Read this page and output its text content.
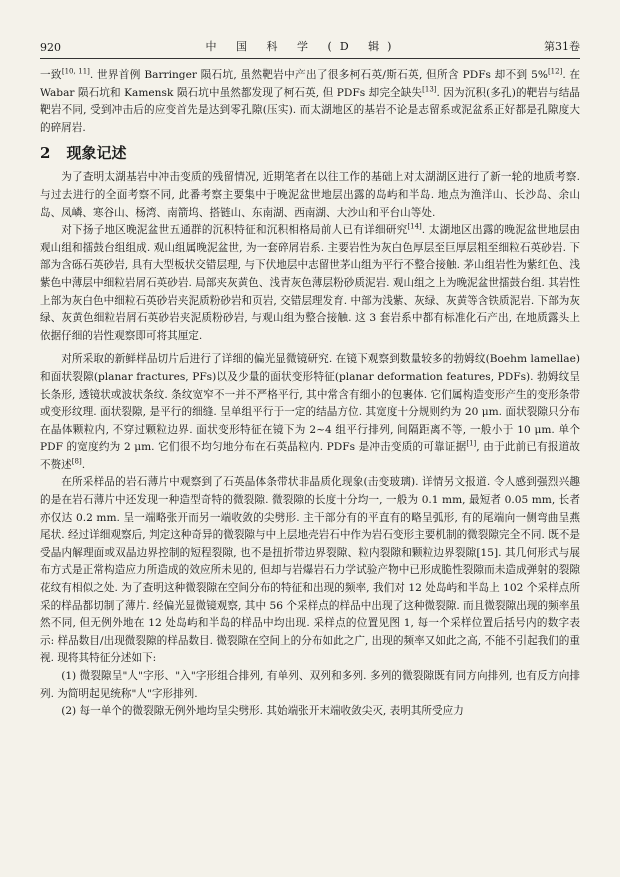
920	中 国 科 学 (D 辑)	第31卷

一致[10, 11]. 世界首例 Barringer 陨石坑, 虽然靶岩中产出了很多柯石英/斯石英, 但所含 PDFs 却不到 5%[12]. 在 Wabar 陨石坑和 Kamensk 陨石坑中虽然都发现了柯石英, 但 PDFs 却完全缺失[13]. 因为沉积(多孔)的靶岩与结晶靶岩不同, 受到冲击后的应变首先是达到零孔隙(压实). 而太湖地区的基岩不论是志留系或泥盆系正好都是孔隙度大的碎屑岩.

2 现象记述

为了查明太湖基岩中冲击变质的残留情况, 近期笔者在以往工作的基础上对太湖湖区进行了新一轮的地质考察. 与过去进行的全面考察不同, 此番考察主要集中于晚泥盆世地层出露的岛屿和半岛. 地点为渔洋山、长沙岛、余山岛、凤嶙、寒谷山、杨湾、南箭坞、搭链山、东南湖、西南湖、大沙山和平台山等处.

对下扬子地区晚泥盆世五通群的沉积特征和沉积相格局前人已有详细研究[14]. 太湖地区出露的晚泥盆世地层由观山组和擂鼓台组组成. 观山组属晚泥盆世, 为一套碎屑岩系. 主要岩性为灰白色厚层至巨厚层粗至细粒石英砂岩. 下部为含砾石英砂岩, 具有大型板状交错层理, 与下伏地层中志留世茅山组为平行不整合接触. 茅山组岩性为紫红色、浅紫色中薄层中细粒岩屑石英砂岩. 局部夹灰黄色、浅青灰色薄层粉砂质泥岩. 观山组之上为晚泥盆世擂鼓台组. 其岩性上部为灰白色中细粒石英砂岩夹泥质粉砂岩和页岩, 交错层理发育. 中部为浅紫、灰绿、灰黄等含铁质泥岩. 下部为灰绿、灰黄色细粒岩屑石英砂岩夹泥质粉砂岩, 与观山组为整合接触. 这 3 套岩系中都有标准化石产出, 在地质露头上依据仔细的岩性观察即可将其厘定.

对所采取的新鲜样品切片后进行了详细的偏光显微镜研究. 在镜下观察到数量较多的勃姆纹(Boehm lamellae)和面状裂隙(planar fractures, PFs)以及少量的面状变形特征(planar deformation features, PDFs). 勃姆纹呈长条形, 透镜状或波状条纹. 条纹宽窄不一并不严格平行, 其中常含有细小的包裹体. 它们属构造变形产生的变形条带或变形纹理. 面状裂隙, 是平行的细缝. 呈单组平行于一定的结晶方位. 其宽度十分规则约为 20 μm. 面状裂隙只分布在晶体颗粒内, 不穿过颗粒边界. 面状变形特征在镜下为 2~4 组平行排列, 间隔距离不等, 一般小于 10 μm. 单个 PDF 的宽度约为 2 μm. 它们很不均匀地分布在石英晶粒内. PDFs 是冲击变质的可靠证据[1], 由于此前已有报道故不赘述[8].

在所采样品的岩石薄片中观察到了石英晶体条带状非晶质化现象(击变玻璃). 详情另文报道. 令人感到强烈兴趣的是在岩石薄片中还发现一种造型奇特的微裂隙. 微裂隙的长度十分均一, 一般为 0.1 mm, 最短者 0.05 mm, 长者亦仅达 0.2 mm. 呈一端略张开而另一端收敛的尖劈形. 主干部分有的平直有的略呈弧形, 有的尾端向一侧弯曲呈燕尾状. 经过详细观察后, 判定这种奇异的微裂隙与中上层地壳岩石中作为岩石变形主要机制的微裂隙完全不同. 既不是受晶内解理面或双晶边界控制的短程裂隙, 也不是扭折带边界裂隙、粒内裂隙和颗粒边界裂隙[15]. 其几何形式与展布方式是正常构造应力所造成的效应所未见的, 但却与岩爆岩石力学试验产物中已形成脆性裂隙而未造成弹射的裂隙花纹有相似之处. 为了查明这种微裂隙在空间分布的特征和出现的频率, 我们对 12 处岛屿和半岛上 102 个采样点所采的样品都切制了薄片. 经偏光显微镜观察, 其中 56 个采样点的样品中出现了这种微裂隙. 而且微裂隙出现的频率虽然不同, 但无例外地在 12 处岛屿和半岛的样品中均出现. 采样点的位置见图 1, 每一个采样位置后括号内的数字表示: 样品数目/出现微裂隙的样品数目. 微裂隙在空间上的分布如此之广, 出现的频率又如此之高, 不能不引起我们的重视. 现将其特征分述如下:

(1) 微裂隙呈"人"字形、"入"字形组合排列, 有单列、双列和多列. 多列的微裂隙既有同方向排列, 也有反方向排列. 为简明起见统称"人"字形排列.

(2) 每一单个的微裂隙无例外地均呈尖劈形. 其始端张开末端收敛尖灭, 表明其所受应力
